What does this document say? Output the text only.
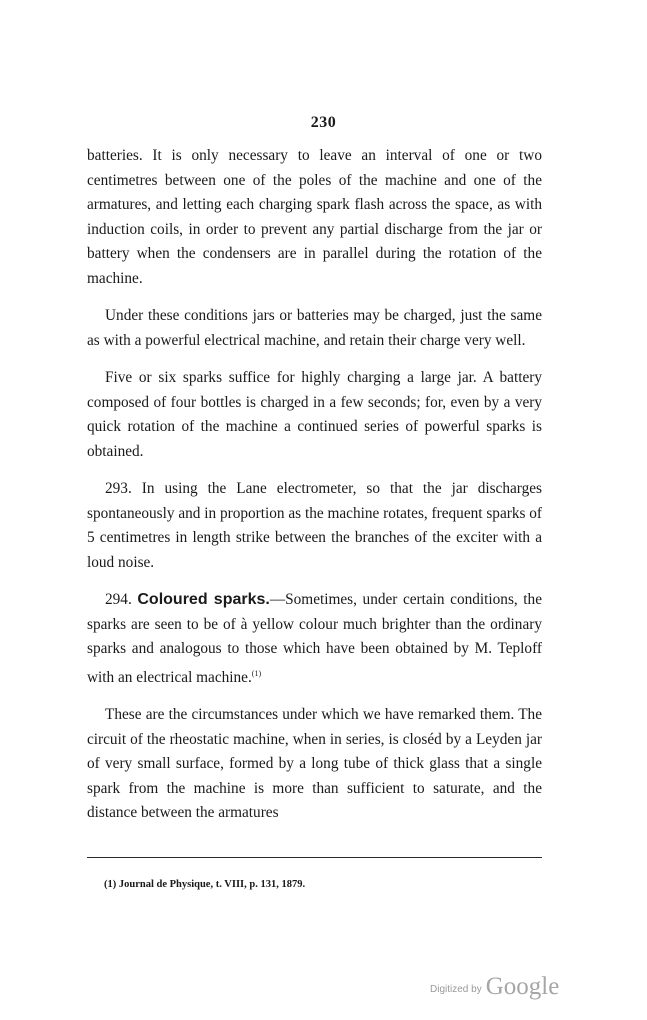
230

batteries. It is only necessary to leave an interval of one or two centimetres between one of the poles of the machine and one of the armatures, and letting each charging spark flash across the space, as with induction coils, in order to prevent any partial discharge from the jar or battery when the condensers are in parallel during the rotation of the machine.

Under these conditions jars or batteries may be charged, just the same as with a powerful electrical machine, and retain their charge very well.

Five or six sparks suffice for highly charging a large jar. A battery composed of four bottles is charged in a few seconds; for, even by a very quick rotation of the machine a continued series of powerful sparks is obtained.

293. In using the Lane electrometer, so that the jar discharges spontaneously and in proportion as the machine rotates, frequent sparks of 5 centimetres in length strike between the branches of the exciter with a loud noise.

294. Coloured sparks.—Sometimes, under certain conditions, the sparks are seen to be of à yellow colour much brighter than the ordinary sparks and analogous to those which have been obtained by M. Teploff with an electrical machine.$^{(1)}$

These are the circumstances under which we have remarked them. The circuit of the rheostatic machine, when in series, is closéd by a Leyden jar of very small surface, formed by a long tube of thick glass that a single spark from the machine is more than sufficient to saturate, and the distance between the armatures

(1) Journal de Physique, t. VIII, p. 131, 1879.
Digitized by Google
